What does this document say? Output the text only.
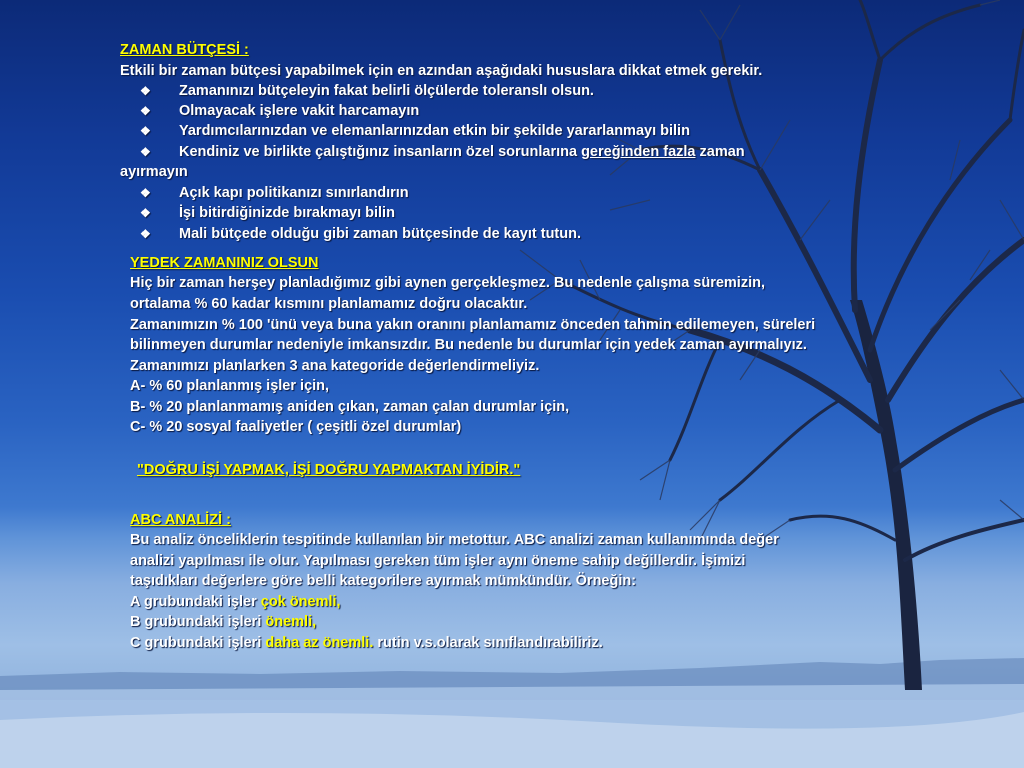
ZAMAN BÜTÇESİ :
Etkili bir zaman bütçesi yapabilmek için en azından aşağıdaki hususlara dikkat etmek gerekir.
❖ Zamanınızı bütçeleyin fakat belirli ölçülerde toleranslı olsun.
❖ Olmayacak işlere vakit harcamayın
❖ Yardımcılarınızdan ve elemanlarınızdan etkin bir şekilde yararlanmayı bilin
❖ Kendiniz ve birlikte çalıştığınız insanların özel sorunlarına gereğinden fazla zaman
ayırmayın
❖ Açık kapı politikanızı sınırlandırın
❖ İşi bitirdiğinizde bırakmayı bilin
❖ Mali bütçede olduğu gibi zaman bütçesinde de kayıt tutun.
YEDEK ZAMANINIZ OLSUN
Hiç bir zaman herşey planladığımız gibi aynen gerçekleşmez. Bu nedenle çalışma süremizin,
ortalama % 60 kadar kısmını planlamamız doğru olacaktır.
Zamanımızın % 100 'ünü veya buna yakın oranını planlamamız önceden tahmin edilemeyen, süreleri
bilinmeyen durumlar nedeniyle imkansızdır. Bu nedenle bu durumlar için yedek zaman ayırmalıyız.
Zamanımızı planlarken 3 ana kategoride değerlendirmeliyiz.
A- % 60 planlanmış işler için,
B- % 20 planlanmamış aniden çıkan, zaman çalan durumlar için,
C- % 20 sosyal faaliyetler ( çeşitli özel durumlar)
"DOĞRU İŞİ YAPMAK, İŞİ DOĞRU YAPMAKTAN İYİDİR."
ABC ANALİZİ :
Bu analiz önceliklerin tespitinde kullanılan bir metottur. ABC analizi zaman kullanımında değer
analizi yapılması ile olur. Yapılması gereken tüm işler aynı öneme sahip değillerdir. İşimizi
taşıdıkları değerlere göre belli kategorilere ayırmak mümkündür. Örneğin:
A grubundaki işler çok önemli,
B grubundaki işleri önemli,
C grubundaki işleri daha az önemli. rutin v.s.olarak sınıflandırabiliriz.
